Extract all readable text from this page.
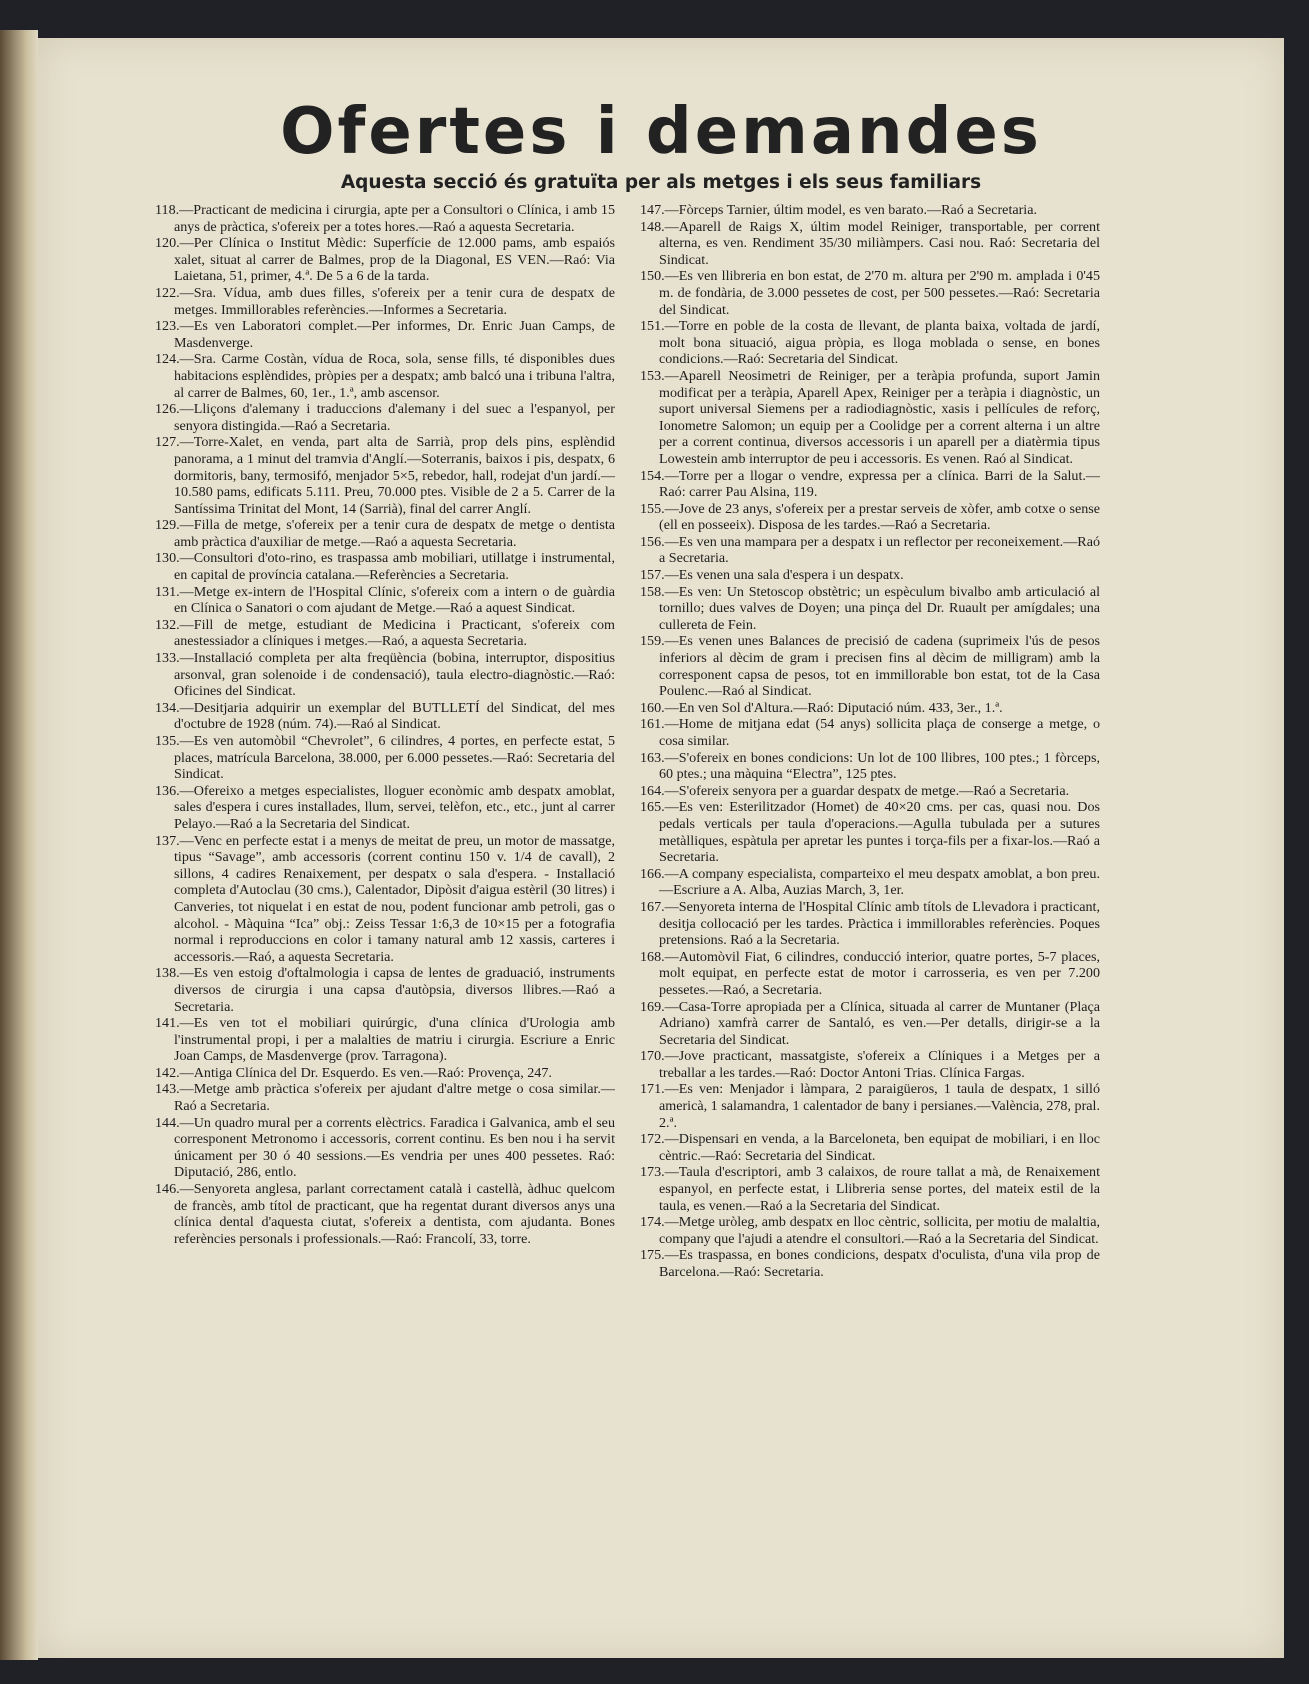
Ofertes i demandes
Aquesta secció és gratuïta per als metges i els seus familiars
118.—Practicant de medicina i cirurgia, apte per a Consultori o Clínica, i amb 15 anys de pràctica, s'ofereix per a totes hores.—Raó a aquesta Secretaria.
120.—Per Clínica o Institut Mèdic: Superfície de 12.000 pams, amb espaiós xalet, situat al carrer de Balmes, prop de la Diagonal, ES VEN.—Raó: Via Laietana, 51, primer, 4.ª. De 5 a 6 de la tarda.
122.—Sra. Vídua, amb dues filles, s'ofereix per a tenir cura de despatx de metges. Immillorables referències.—Informes a Secretaria.
123.—Es ven Laboratori complet.—Per informes, Dr. Enric Juan Camps, de Masdenverge.
124.—Sra. Carme Costàn, vídua de Roca, sola, sense fills, té disponibles dues habitacions esplèndides, pròpies per a despatx; amb balcó una i tribuna l'altra, al carrer de Balmes, 60, 1er., 1.ª, amb ascensor.
126.—Lliçons d'alemany i traduccions d'alemany i del suec a l'espanyol, per senyora distingida.—Raó a Secretaria.
127.—Torre-Xalet, en venda, part alta de Sarrià, prop dels pins, esplèndid panorama, a 1 minut del tramvia d'Anglí.—Soterranis, baixos i pis, despatx, 6 dormitoris, bany, termosifó, menjador 5×5, rebedor, hall, rodejat d'un jardí.—10.580 pams, edificats 5.111. Preu, 70.000 ptes. Visible de 2 a 5. Carrer de la Santíssima Trinitat del Mont, 14 (Sarrià), final del carrer Anglí.
129.—Filla de metge, s'ofereix per a tenir cura de despatx de metge o dentista amb pràctica d'auxiliar de metge.—Raó a aquesta Secretaria.
130.—Consultori d'oto-rino, es traspassa amb mobiliari, utillatge i instrumental, en capital de província catalana.—Referències a Secretaria.
131.—Metge ex-intern de l'Hospital Clínic, s'ofereix com a intern o de guàrdia en Clínica o Sanatori o com ajudant de Metge.—Raó a aquest Sindicat.
132.—Fill de metge, estudiant de Medicina i Practicant, s'ofereix com anestessiador a clíniques i metges.—Raó, a aquesta Secretaria.
133.—Installació completa per alta freqüència (bobina, interruptor, dispositius arsonval, gran solenoide i de condensació), taula electro-diagnòstic.—Raó: Oficines del Sindicat.
134.—Desitjaria adquirir un exemplar del BUTLLETÍ del Sindicat, del mes d'octubre de 1928 (núm. 74).—Raó al Sindicat.
135.—Es ven automòbil “Chevrolet”, 6 cilindres, 4 portes, en perfecte estat, 5 places, matrícula Barcelona, 38.000, per 6.000 pessetes.—Raó: Secretaria del Sindicat.
136.—Ofereixo a metges especialistes, lloguer econòmic amb despatx amoblat, sales d'espera i cures installades, llum, servei, telèfon, etc., etc., junt al carrer Pelayo.—Raó a la Secretaria del Sindicat.
137.—Venc en perfecte estat i a menys de meitat de preu, un motor de massatge, tipus “Savage”, amb accessoris (corrent continu 150 v. 1/4 de cavall), 2 sillons, 4 cadires Renaixement, per despatx o sala d'espera. - Installació completa d'Autoclau (30 cms.), Calentador, Dipòsit d'aigua estèril (30 litres) i Canveries, tot niquelat i en estat de nou, podent funcionar amb petroli, gas o alcohol. - Màquina “Ica” obj.: Zeiss Tessar 1:6,3 de 10×15 per a fotografia normal i reproduccions en color i tamany natural amb 12 xassis, carteres i accessoris.—Raó, a aquesta Secretaria.
138.—Es ven estoig d'oftalmologia i capsa de lentes de graduació, instruments diversos de cirurgia i una capsa d'autòpsia, diversos llibres.—Raó a Secretaria.
141.—Es ven tot el mobiliari quirúrgic, d'una clínica d'Urologia amb l'instrumental propi, i per a malalties de matriu i cirurgia. Escriure a Enric Joan Camps, de Masdenverge (prov. Tarragona).
142.—Antiga Clínica del Dr. Esquerdo. Es ven.—Raó: Provença, 247.
143.—Metge amb pràctica s'ofereix per ajudant d'altre metge o cosa similar.—Raó a Secretaria.
144.—Un quadro mural per a corrents elèctrics. Faradica i Galvanica, amb el seu corresponent Metronomo i accessoris, corrent continu. Es ben nou i ha servit únicament per 30 ó 40 sessions.—Es vendria per unes 400 pessetes. Raó: Diputació, 286, entlo.
146.—Senyoreta anglesa, parlant correctament català i castellà, àdhuc quelcom de francès, amb títol de practicant, que ha regentat durant diversos anys una clínica dental d'aquesta ciutat, s'ofereix a dentista, com ajudanta. Bones referències personals i professionals.—Raó: Francolí, 33, torre.
147.—Fòrceps Tarnier, últim model, es ven barato.—Raó a Secretaria.
148.—Aparell de Raigs X, últim model Reiniger, transportable, per corrent alterna, es ven. Rendiment 35/30 miliàmpers. Casi nou. Raó: Secretaria del Sindicat.
150.—Es ven llibreria en bon estat, de 2'70 m. altura per 2'90 m. amplada i 0'45 m. de fondària, de 3.000 pessetes de cost, per 500 pessetes.—Raó: Secretaria del Sindicat.
151.—Torre en poble de la costa de llevant, de planta baixa, voltada de jardí, molt bona situació, aigua pròpia, es lloga moblada o sense, en bones condicions.—Raó: Secretaria del Sindicat.
153.—Aparell Neosimetri de Reiniger, per a teràpia profunda, suport Jamin modificat per a teràpia, Aparell Apex, Reiniger per a teràpia i diagnòstic, un suport universal Siemens per a radiodiagnòstic, xasis i pellícules de reforç, Ionometre Salomon; un equip per a Coolidge per a corrent alterna i un altre per a corrent continua, diversos accessoris i un aparell per a diatèrmia tipus Lowestein amb interruptor de peu i accessoris. Es venen. Raó al Sindicat.
154.—Torre per a llogar o vendre, expressa per a clínica. Barri de la Salut.—Raó: carrer Pau Alsina, 119.
155.—Jove de 23 anys, s'ofereix per a prestar serveis de xòfer, amb cotxe o sense (ell en posseeix). Disposa de les tardes.—Raó a Secretaria.
156.—Es ven una mampara per a despatx i un reflector per reconeixement.—Raó a Secretaria.
157.—Es venen una sala d'espera i un despatx.
158.—Es ven: Un Stetoscop obstètric; un espèculum bivalbo amb articulació al tornillo; dues valves de Doyen; una pinça del Dr. Ruault per amígdales; una cullereta de Fein.
159.—Es venen unes Balances de precisió de cadena (suprimeix l'ús de pesos inferiors al dècim de gram i precisen fins al dècim de milligram) amb la corresponent capsa de pesos, tot en immillorable bon estat, tot de la Casa Poulenc.—Raó al Sindicat.
160.—En ven Sol d'Altura.—Raó: Diputació núm. 433, 3er., 1.ª.
161.—Home de mitjana edat (54 anys) sollicita plaça de conserge a metge, o cosa similar.
163.—S'ofereix en bones condicions: Un lot de 100 llibres, 100 ptes.; 1 fòrceps, 60 ptes.; una màquina “Electra”, 125 ptes.
164.—S'ofereix senyora per a guardar despatx de metge.—Raó a Secretaria.
165.—Es ven: Esterilitzador (Homet) de 40×20 cms. per cas, quasi nou. Dos pedals verticals per taula d'operacions.—Agulla tubulada per a sutures metàlliques, espàtula per apretar les puntes i torça-fils per a fixar-los.—Raó a Secretaria.
166.—A company especialista, comparteixo el meu despatx amoblat, a bon preu.—Escriure a A. Alba, Auzias March, 3, 1er.
167.—Senyoreta interna de l'Hospital Clínic amb títols de Llevadora i practicant, desitja collocació per les tardes. Pràctica i immillorables referències. Poques pretensions. Raó a la Secretaria.
168.—Automòvil Fiat, 6 cilindres, conducció interior, quatre portes, 5-7 places, molt equipat, en perfecte estat de motor i carrosseria, es ven per 7.200 pessetes.—Raó, a Secretaria.
169.—Casa-Torre apropiada per a Clínica, situada al carrer de Muntaner (Plaça Adriano) xamfrà carrer de Santaló, es ven.—Per detalls, dirigir-se a la Secretaria del Sindicat.
170.—Jove practicant, massatgiste, s'ofereix a Clíniques i a Metges per a treballar a les tardes.—Raó: Doctor Antoni Trias. Clínica Fargas.
171.—Es ven: Menjador i làmpara, 2 paraigüeros, 1 taula de despatx, 1 silló americà, 1 salamandra, 1 calentador de bany i persianes.—València, 278, pral. 2.ª.
172.—Dispensari en venda, a la Barceloneta, ben equipat de mobiliari, i en lloc cèntric.—Raó: Secretaria del Sindicat.
173.—Taula d'escriptori, amb 3 calaixos, de roure tallat a mà, de Renaixement espanyol, en perfecte estat, i Llibreria sense portes, del mateix estil de la taula, es venen.—Raó a la Secretaria del Sindicat.
174.—Metge uròleg, amb despatx en lloc cèntric, sollicita, per motiu de malaltia, company que l'ajudi a atendre el consultori.—Raó a la Secretaria del Sindicat.
175.—Es traspassa, en bones condicions, despatx d'oculista, d'una vila prop de Barcelona.—Raó: Secretaria.
